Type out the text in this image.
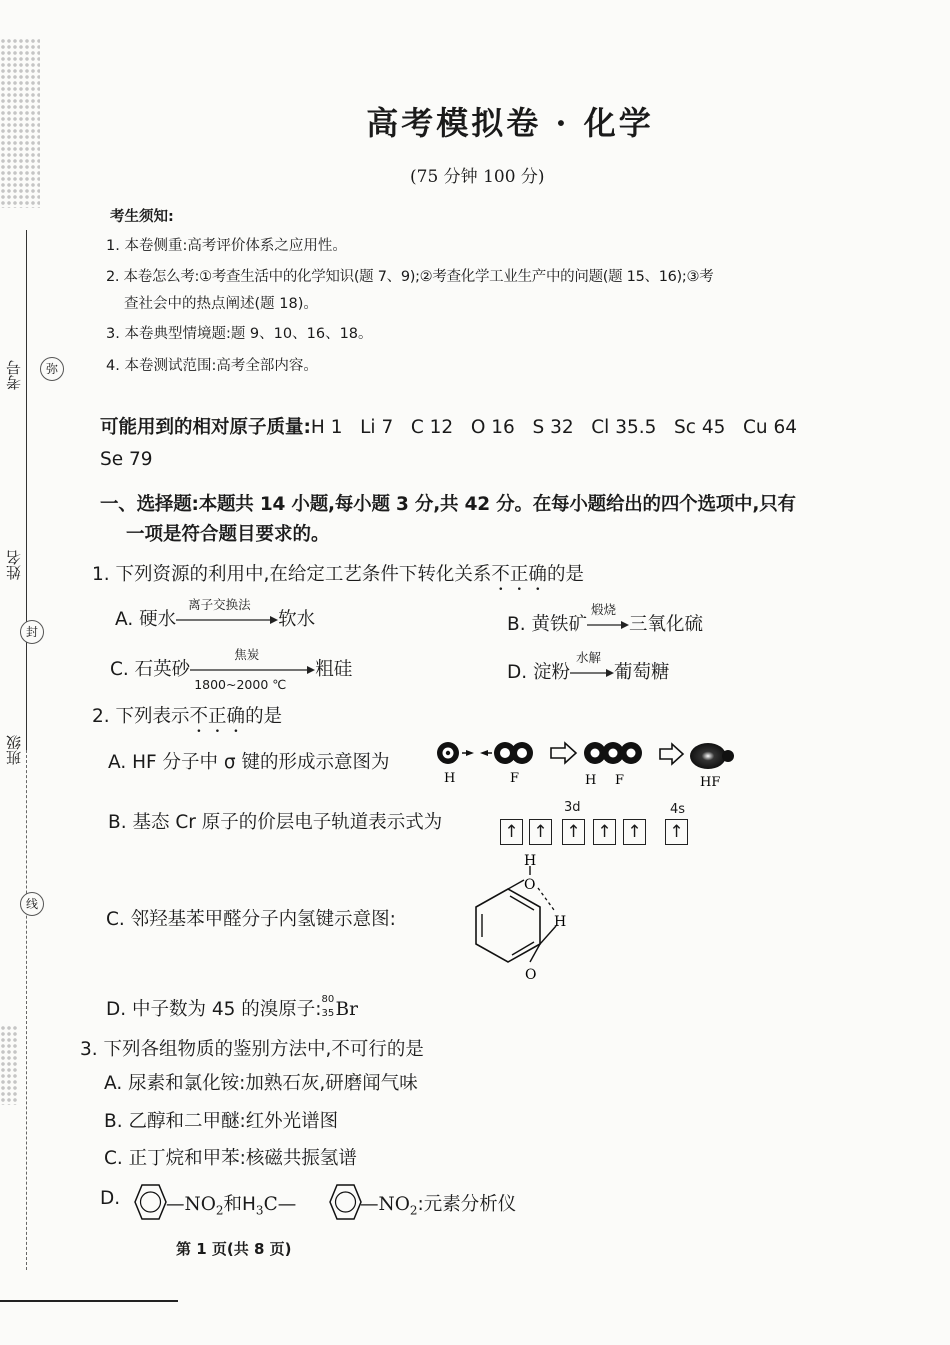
考号
姓名
班级
弥
封
线
高考模拟卷 · 化学
(75 分钟 100 分)
考生须知:
1. 本卷侧重:高考评价体系之应用性。
2. 本卷怎么考:①考查生活中的化学知识(题 7、9);②考查化学工业生产中的问题(题 15、16);③考
查社会中的热点阐述(题 18)。
3. 本卷典型情境题:题 9、10、16、18。
4. 本卷测试范围:高考全部内容。
可能用到的相对原子质量:H 1   Li 7   C 12   O 16   S 32   Cl 35.5   Sc 45   Cu 64
Se 79
一、选择题:本题共 14 小题,每小题 3 分,共 42 分。在每小题给出的四个选项中,只有
一项是符合题目要求的。
1. 下列资源的利用中,在给定工艺条件下转化关系不正确的是
A. 硬水
离子交换法
软水	B. 黄铁矿
煅烧
三氧化硫
C. 石英砂
焦炭
1800~2000 ℃
粗硅	D. 淀粉
水解
葡萄糖
2. 下列表示不正确的是
A. HF 分子中 σ 键的形成示意图为
H	F	H F	HF
B. 基态 Cr 原子的价层电子轨道表示式为
3d	4s
↑ ↑ ↑ ↑ ↑ ↑
C. 邻羟基苯甲醛分子内氢键示意图:
O
H
H
O
D. 中子数为 45 的溴原子: 80
35 Br
3. 下列各组物质的鉴别方法中,不可行的是
A. 尿素和氯化铵:加熟石灰,研磨闻气味
B. 乙醇和二甲醚:红外光谱图
C. 正丁烷和甲苯:核磁共振氢谱
D. $—NO_2$和$H_3C—$	$—NO_2$:元素分析仪
第 1 页(共 8 页)
